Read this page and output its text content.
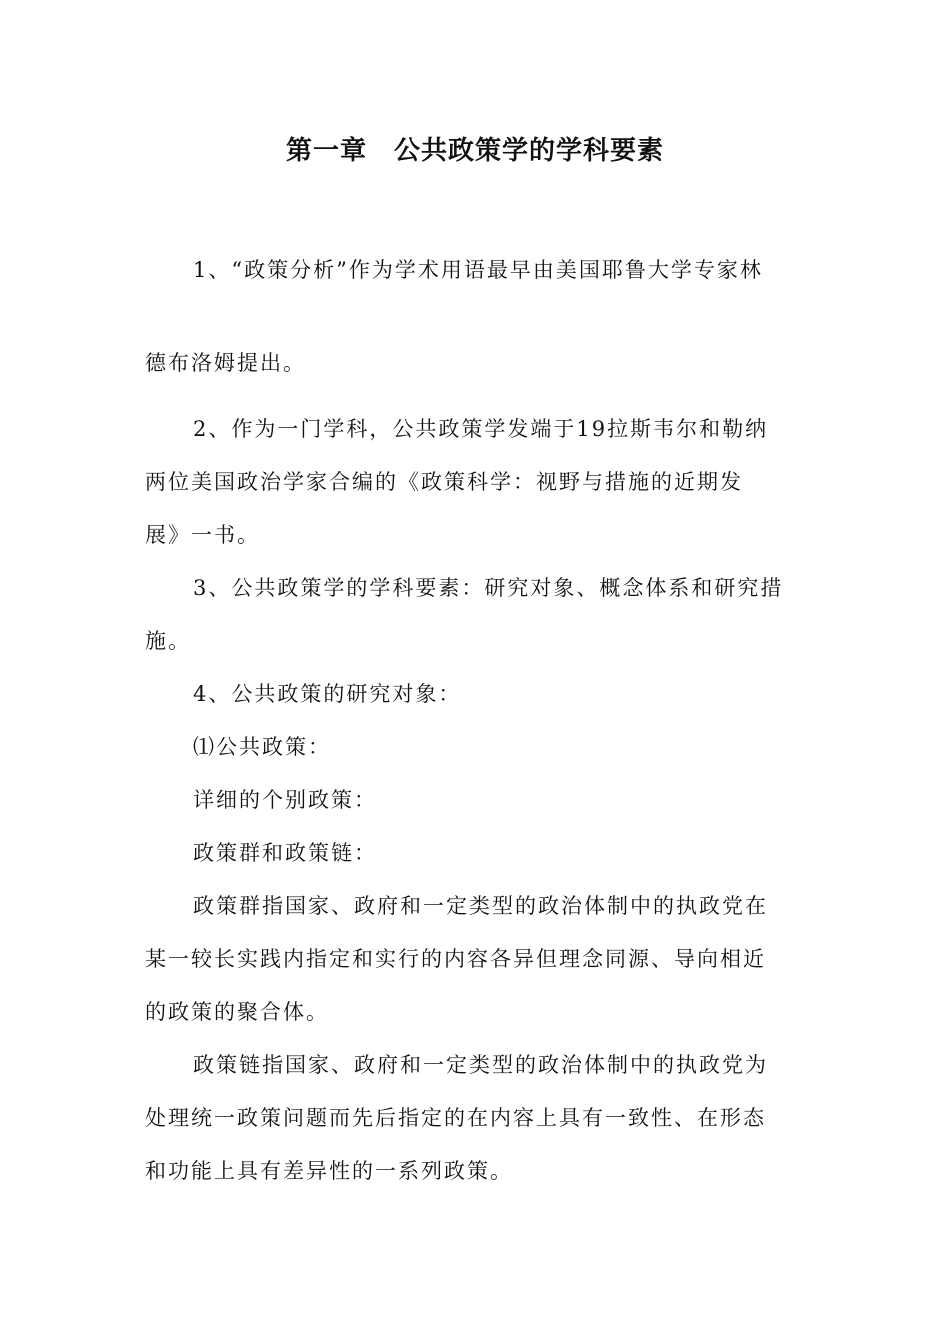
第一章　公共政策学的学科要素
1、“政策分析”作为学术用语最早由美国耶鲁大学专家林
德布洛姆提出。
2、作为一门学科，公共政策学发端于19拉斯韦尔和勒纳
两位美国政治学家合编的《政策科学：视野与措施的近期发
展》一书。
3、公共政策学的学科要素：研究对象、概念体系和研究措
施。
4、公共政策的研究对象：
⑴公共政策：
详细的个别政策：
政策群和政策链：
政策群指国家、政府和一定类型的政治体制中的执政党在
某一较长实践内指定和实行的内容各异但理念同源、导向相近
的政策的聚合体。
政策链指国家、政府和一定类型的政治体制中的执政党为
处理统一政策问题而先后指定的在内容上具有一致性、在形态
和功能上具有差异性的一系列政策。
